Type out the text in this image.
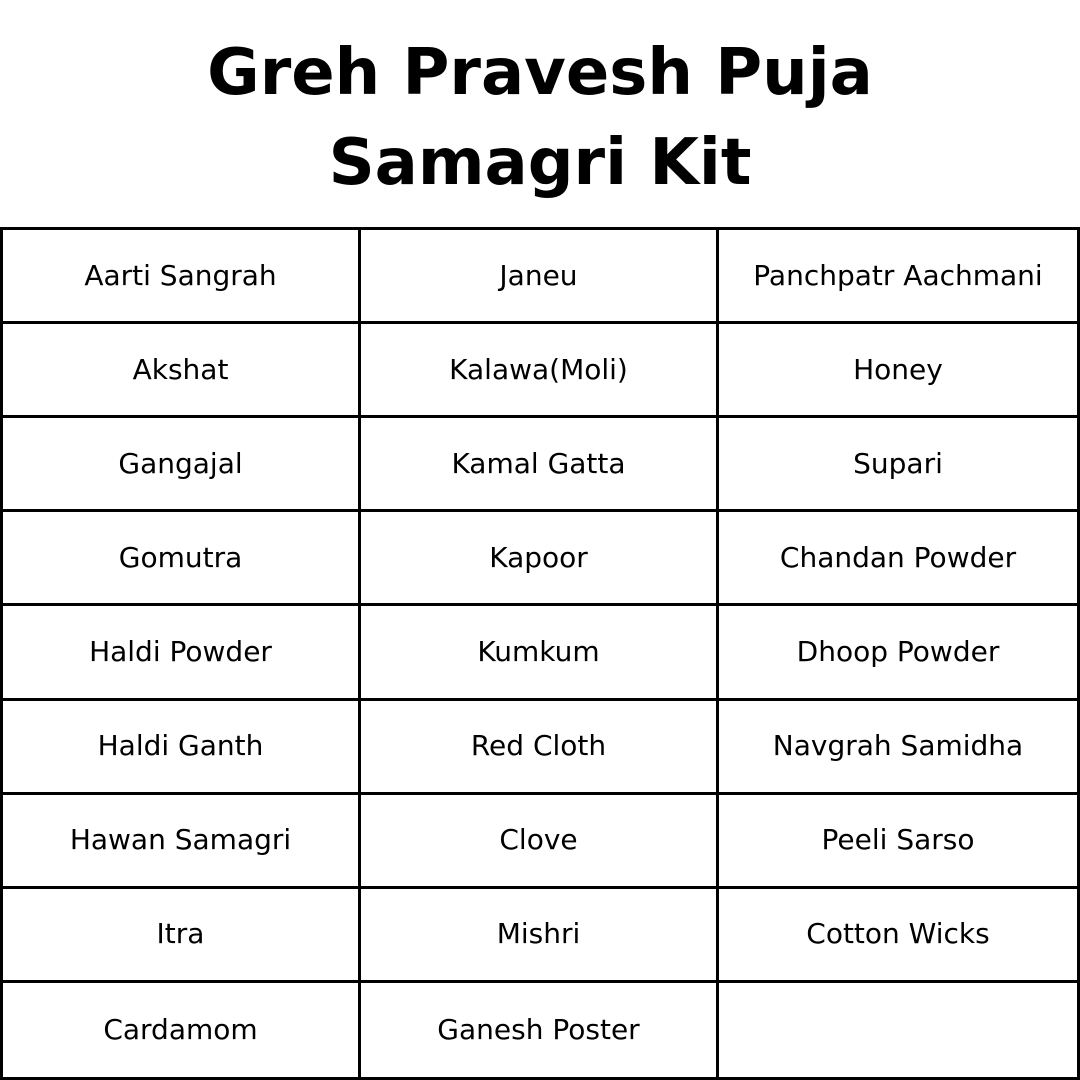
Greh Pravesh Puja
Samagri Kit
Aarti Sangrah	Janeu	Panchpatr Aachmani
Akshat	Kalawa(Moli)	Honey
Gangajal	Kamal Gatta	Supari
Gomutra	Kapoor	Chandan Powder
Haldi Powder	Kumkum	Dhoop Powder
Haldi Ganth	Red Cloth	Navgrah Samidha
Hawan Samagri	Clove	Peeli Sarso
Itra	Mishri	Cotton Wicks
Cardamom	Ganesh Poster
